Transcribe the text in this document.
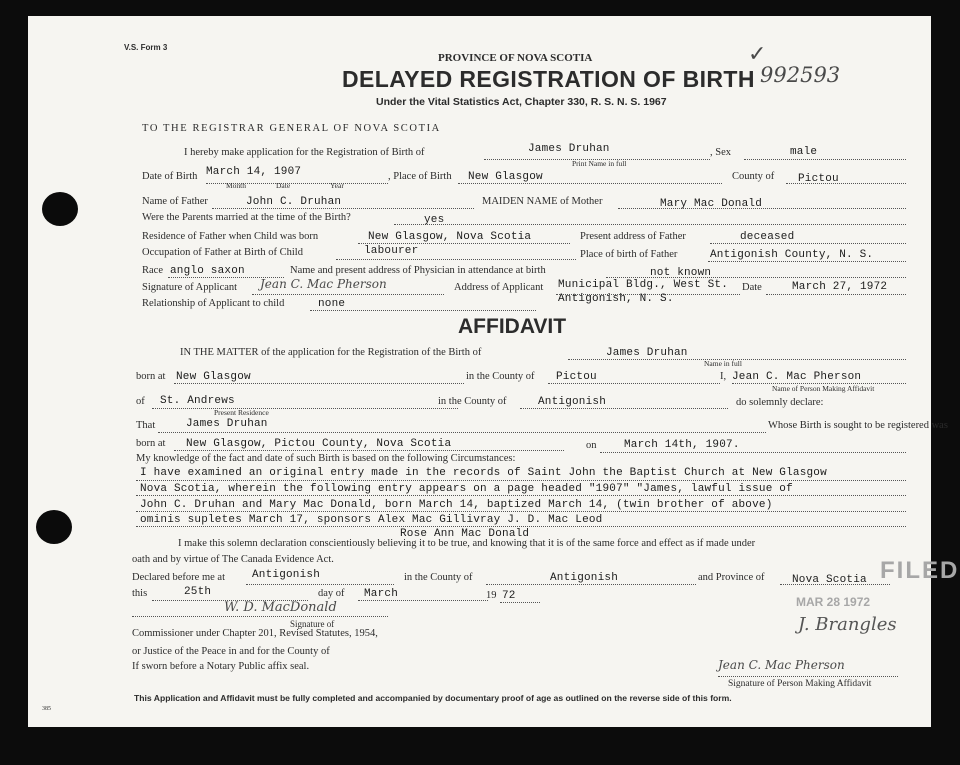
V.S. Form 3
PROVINCE OF NOVA SCOTIA
DELAYED REGISTRATION OF BIRTH
Under the Vital Statistics Act, Chapter 330, R. S. N. S. 1967
✓
992593
TO THE REGISTRAR GENERAL OF NOVA SCOTIA
I hereby make application for the Registration of Birth of	James Druhan
Print Name in full
, Sex	male
Date of Birth March 14, 1907
Month	Date	Year
, Place of Birth New Glasgow	County of Pictou
Name of Father	John C. Druhan	MAIDEN NAME of Mother	Mary Mac Donald
Were the Parents married at the time of the Birth?	yes
Residence of Father when Child was born	New Glasgow, Nova Scotia	Present address of Father	deceased
Occupation of Father at Birth of Child	labourer	Place of birth of Father	Antigonish County, N. S.
Race anglo saxon	Name and present address of Physician in attendance at birth	not known
Signature of Applicant Jean C. Mac Pherson	Address of Applicant Municipal Bldg., West St.
Antigonish, N. S.
Date	March 27, 1972
Relationship of Applicant to child	none
AFFIDAVIT
IN THE MATTER of the application for the Registration of the Birth of	James Druhan
Name in full
born at New Glasgow	in the County of Pictou	I, Jean C. Mac Pherson
Name of Person Making Affidavit
of St. Andrews
Present Residence
in the County of	Antigonish	do solemnly declare:
That	James Druhan	Whose Birth is sought to be registered was
born at New Glasgow, Pictou County, Nova Scotia	on	March 14th, 1907.
My knowledge of the fact and date of such Birth is based on the following Circumstances:
I have examined an original entry made in the records of Saint John the Baptist Church at New Glasgow
Nova Scotia, wherein the following entry appears on a page headed "1907" "James, lawful issue of
John C. Druhan and Mary Mac Donald, born March 14, baptized March 14, (twin brother of above)
ominis supletes March 17, sponsors Alex Mac Gillivray J. D. Mac Leod
Rose Ann Mac Donald
I make this solemn declaration conscientiously believing it to be true, and knowing that it is of the same force and effect as if made under
oath and by virtue of The Canada Evidence Act.
Declared before me at Antigonish	in the County of	Antigonish	and Province of	Nova Scotia
this	25th	day of March	19 72
W. D. MacDonald
Signature of
Commissioner under Chapter 201, Revised Statutes, 1954,
or Justice of the Peace in and for the County of
If sworn before a Notary Public affix seal.
FILED
MAR 28 1972
J. Brangles
Jean C. Mac Pherson
Signature of Person Making Affidavit
This Application and Affidavit must be fully completed and accompanied by documentary proof of age as outlined on the reverse side of this form.
385
